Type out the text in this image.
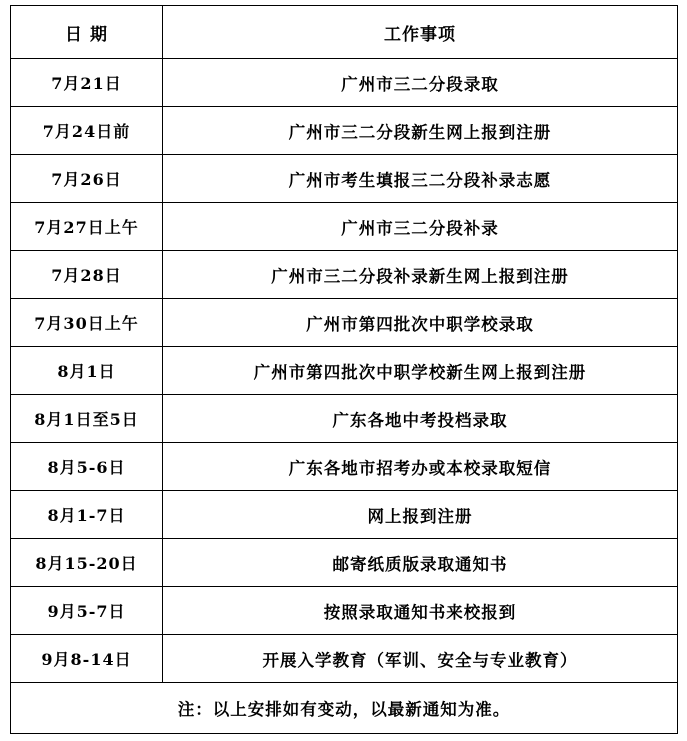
日 期	工作事项
7月21日	广州市三二分段录取
7月24日前	广州市三二分段新生网上报到注册
7月26日	广州市考生填报三二分段补录志愿
7月27日上午	广州市三二分段补录
7月28日	广州市三二分段补录新生网上报到注册
7月30日上午	广州市第四批次中职学校录取
8月1日	广州市第四批次中职学校新生网上报到注册
8月1日至5日	广东各地中考投档录取
8月5-6日	广东各地市招考办或本校录取短信
8月1-7日	网上报到注册
8月15-20日	邮寄纸质版录取通知书
9月5-7日	按照录取通知书来校报到
9月8-14日	开展入学教育（军训、安全与专业教育）
注：以上安排如有变动，以最新通知为准。	
